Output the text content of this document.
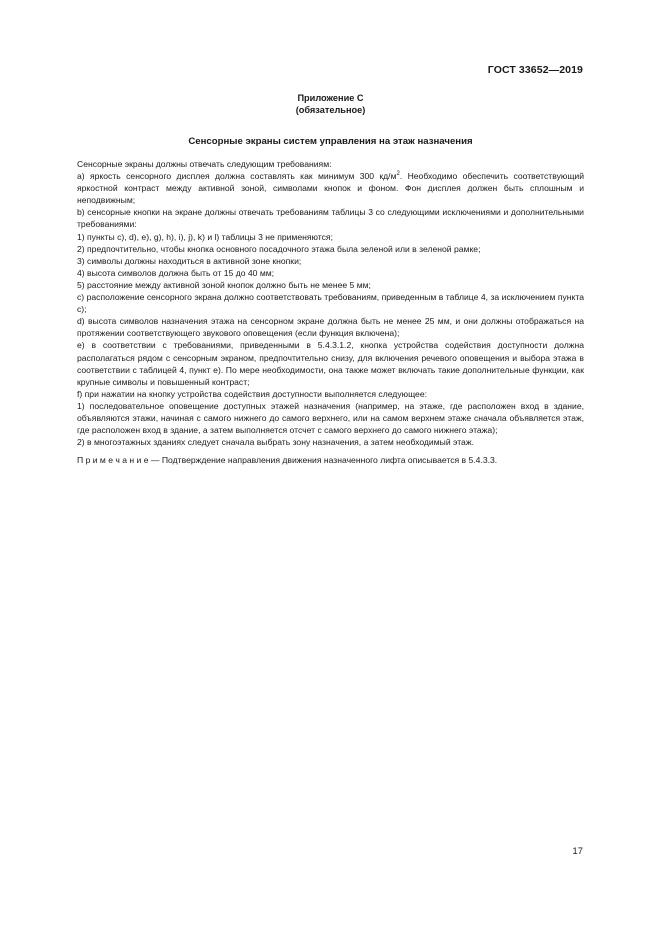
ГОСТ 33652—2019
Приложение С
(обязательное)
Сенсорные экраны систем управления на этаж назначения

Сенсорные экраны должны отвечать следующим требованиям:

а) яркость сенсорного дисплея должна составлять как минимум 300 $кд/м^2$. Необходимо обеспечить соответствующий яркостной контраст между активной зоной, символами кнопок и фоном. Фон дисплея должен быть сплошным и неподвижным;

b) сенсорные кнопки на экране должны отвечать требованиям таблицы 3 со следующими исключениями и дополнительными требованиями:

1) пункты c), d), e), g), h), i), j), k) и l) таблицы 3 не применяются;

2) предпочтительно, чтобы кнопка основного посадочного этажа была зеленой или в зеленой рамке;

3) символы должны находиться в активной зоне кнопки;

4) высота символов должна быть от 15 до 40 мм;

5) расстояние между активной зоной кнопок должно быть не менее 5 мм;

c) расположение сенсорного экрана должно соответствовать требованиям, приведенным в таблице 4, за исключением пункта с);

d) высота символов назначения этажа на сенсорном экране должна быть не менее 25 мм, и они должны отображаться на протяжении соответствующего звукового оповещения (если функция включена);

e) в соответствии с требованиями, приведенными в 5.4.3.1.2, кнопка устройства содействия доступности должна располагаться рядом с сенсорным экраном, предпочтительно снизу, для включения речевого оповещения и выбора этажа в соответствии с таблицей 4, пункт e). По мере необходимости, она также может включать такие дополнительные функции, как крупные символы и повышенный контраст;

f) при нажатии на кнопку устройства содействия доступности выполняется следующее:

1) последовательное оповещение доступных этажей назначения (например, на этаже, где расположен вход в здание, объявляются этажи, начиная с самого нижнего до самого верхнего, или на самом верхнем этаже сначала объявляется этаж, где расположен вход в здание, а затем выполняется отсчет с самого верхнего до самого нижнего этажа);

2) в многоэтажных зданиях следует сначала выбрать зону назначения, а затем необходимый этаж.

П р и м е ч а н и е — Подтверждение направления движения назначенного лифта описывается в 5.4.3.3.

17
